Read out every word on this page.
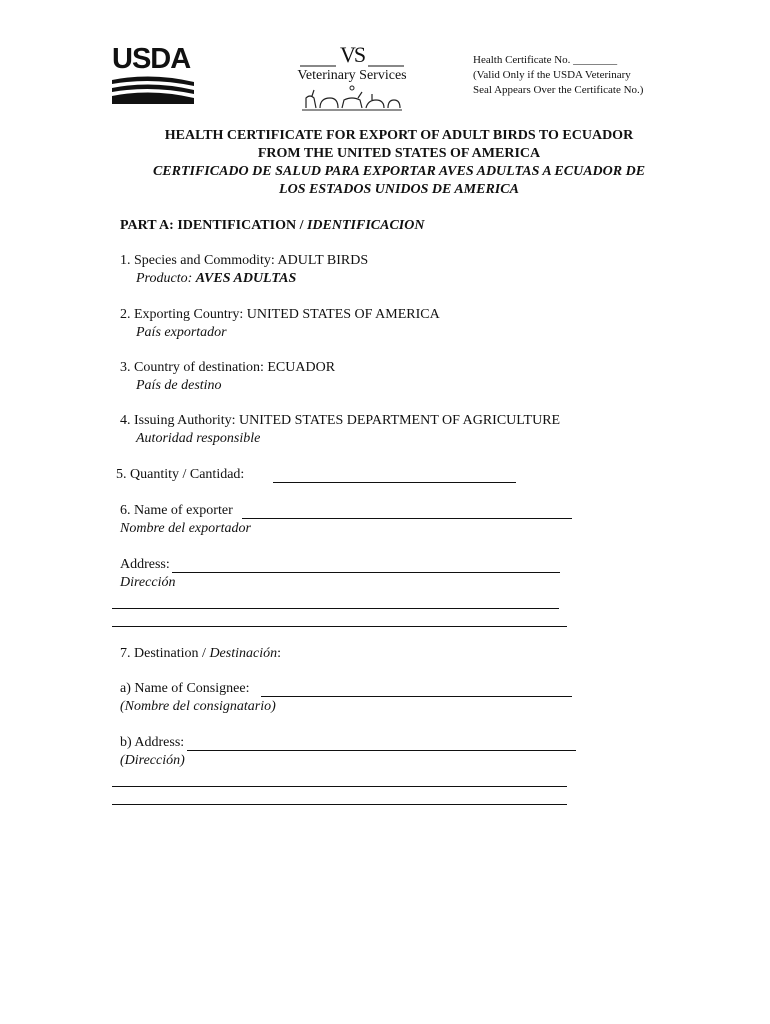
USDA	VS
Veterinary Services
Health Certificate No. ________
(Valid Only if the USDA Veterinary
Seal Appears Over the Certificate No.)
HEALTH CERTIFICATE FOR EXPORT OF ADULT BIRDS TO ECUADOR
FROM THE UNITED STATES OF AMERICA
CERTIFICADO DE SALUD PARA EXPORTAR AVES ADULTAS A ECUADOR DE
LOS ESTADOS UNIDOS DE AMERICA
PART A: IDENTIFICATION / IDENTIFICACION
1. Species and Commodity: ADULT BIRDS
Producto: AVES ADULTAS
2. Exporting Country: UNITED STATES OF AMERICA
País exportador
3. Country of destination: ECUADOR
País de destino
4. Issuing Authority: UNITED STATES DEPARTMENT OF AGRICULTURE
Autoridad responsible
5. Quantity / Cantidad:
6. Name of exporter
Nombre del exportador
Address:
Dirección
7. Destination / Destinación:
a) Name of Consignee:
(Nombre del consignatario)
b) Address:
(Dirección)
